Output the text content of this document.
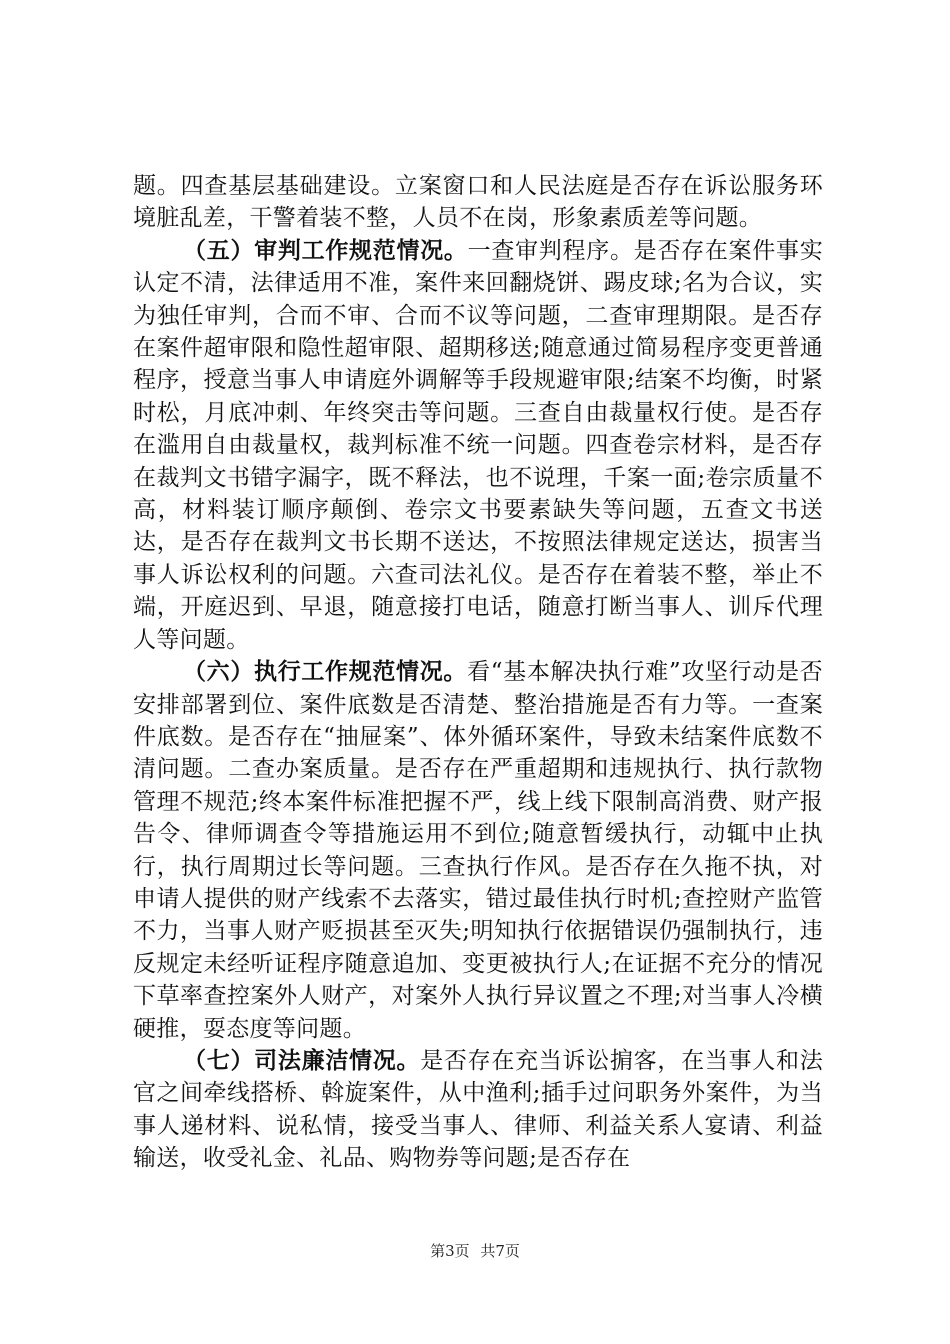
题。四查基层基础建设。立案窗口和人民法庭是否存在诉讼服务环境脏乱差，干警着装不整，人员不在岗，形象素质差等问题。

（五）审判工作规范情况。一查审判程序。是否存在案件事实认定不清，法律适用不准，案件来回翻烧饼、踢皮球;名为合议，实为独任审判，合而不审、合而不议等问题，二查审理期限。是否存在案件超审限和隐性超审限、超期移送;随意通过简易程序变更普通程序，授意当事人申请庭外调解等手段规避审限;结案不均衡，时紧时松，月底冲刺、年终突击等问题。三查自由裁量权行使。是否存在滥用自由裁量权，裁判标准不统一问题。四查卷宗材料，是否存在裁判文书错字漏字，既不释法，也不说理，千案一面;卷宗质量不高，材料装订顺序颠倒、卷宗文书要素缺失等问题，五查文书送达，是否存在裁判文书长期不送达，不按照法律规定送达，损害当事人诉讼权利的问题。六查司法礼仪。是否存在着装不整，举止不端，开庭迟到、早退，随意接打电话，随意打断当事人、训斥代理人等问题。

（六）执行工作规范情况。看“基本解决执行难”攻坚行动是否安排部署到位、案件底数是否清楚、整治措施是否有力等。一查案件底数。是否存在“抽屉案”、体外循环案件，导致未结案件底数不清问题。二查办案质量。是否存在严重超期和违规执行、执行款物管理不规范;终本案件标准把握不严，线上线下限制高消费、财产报告令、律师调查令等措施运用不到位;随意暂缓执行，动辄中止执行，执行周期过长等问题。三查执行作风。是否存在久拖不执，对申请人提供的财产线索不去落实，错过最佳执行时机;查控财产监管不力，当事人财产贬损甚至灭失;明知执行依据错误仍强制执行，违反规定未经听证程序随意追加、变更被执行人;在证据不充分的情况下草率查控案外人财产，对案外人执行异议置之不理;对当事人冷横硬推，耍态度等问题。

（七）司法廉洁情况。是否存在充当诉讼掮客，在当事人和法官之间牵线搭桥、斡旋案件，从中渔利;插手过问职务外案件，为当事人递材料、说私情，接受当事人、律师、利益关系人宴请、利益输送，收受礼金、礼品、购物券等问题;是否存在

第3页 共7页
